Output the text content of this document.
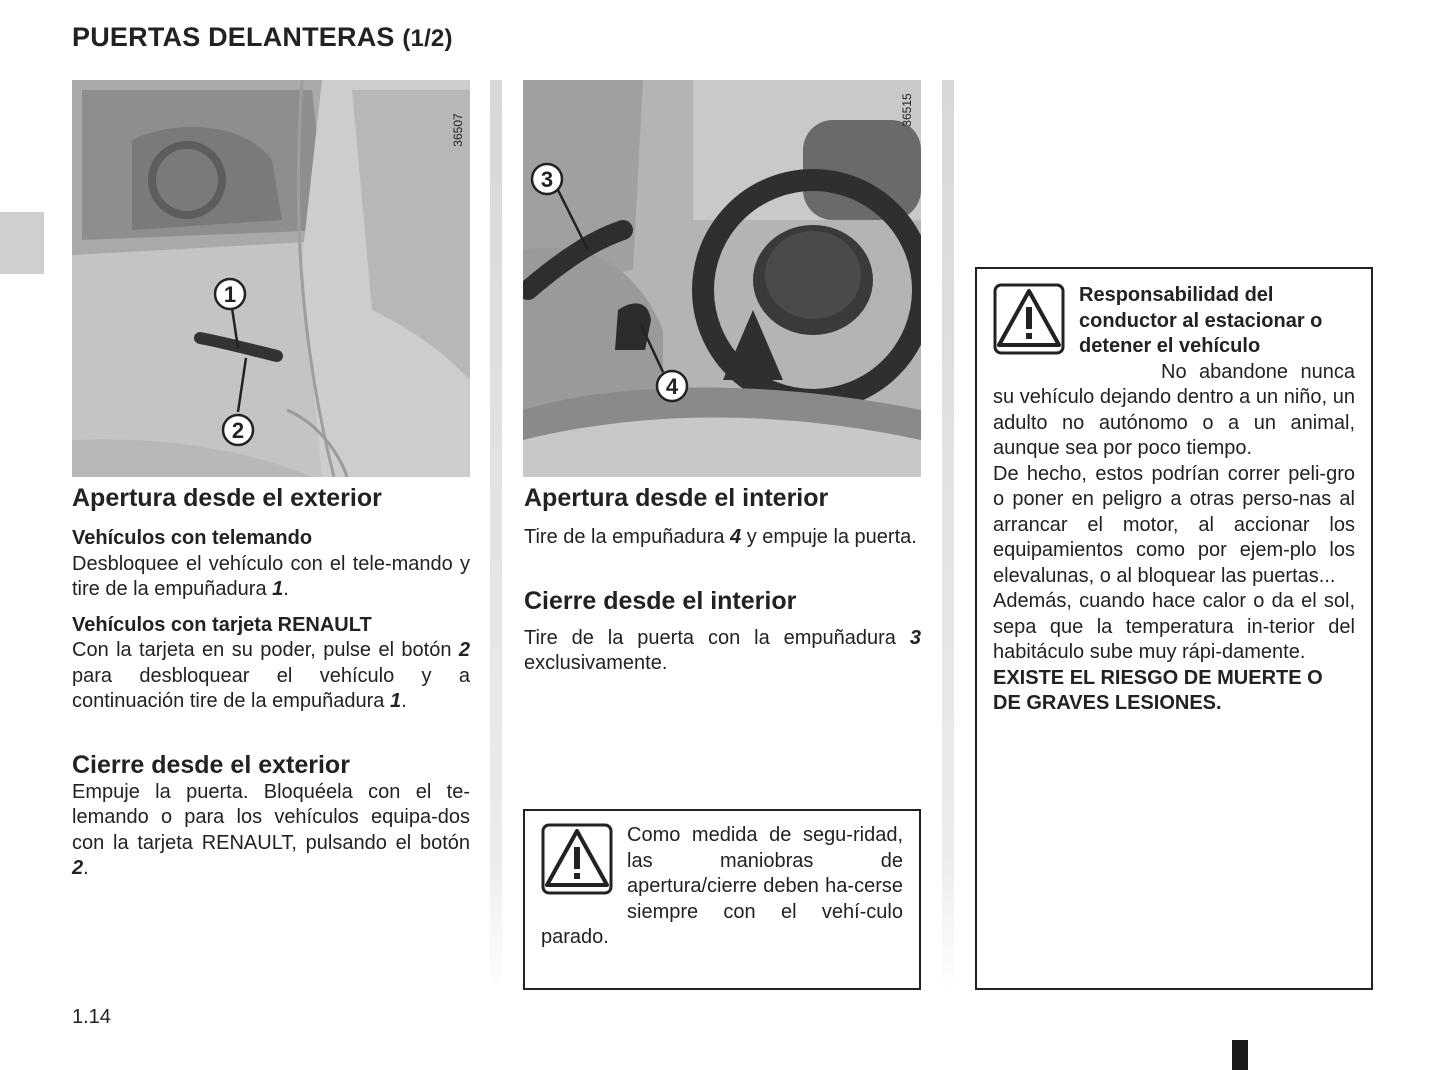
PUERTAS DELANTERAS (1/2)
1
2
36507
3
4
36515
Apertura desde el exterior
Vehículos con telemando

Desbloquee el vehículo con el tele-mando y tire de la empuñadura 1.

Vehículos con tarjeta RENAULT

Con la tarjeta en su poder, pulse el botón 2 para desbloquear el vehículo y a continuación tire de la empuñadura 1.

Cierre desde el exterior

Empuje la puerta. Bloquéela con el te-lemando o para los vehículos equipa-dos con la tarjeta RENAULT, pulsando el botón 2.

Apertura desde el interior

Tire de la empuñadura 4 y empuje la puerta.

Cierre desde el interior

Tire de la puerta con la empuñadura 3 exclusivamente.

Como medida de segu-ridad, las maniobras de apertura/cierre deben ha-cerse siempre con el vehí-culo parado.
Responsabilidad del conductor al estacionar o detener el vehículo
No abandone nunca su vehículo dejando dentro a un niño, un adulto no autónomo o a un animal, aunque sea por poco tiempo.
De hecho, estos podrían correr peli-gro o poner en peligro a otras perso-nas al arrancar el motor, al accionar los equipamientos como por ejem-plo los elevalunas, o al bloquear las puertas...
Además, cuando hace calor o da el sol, sepa que la temperatura in-terior del habitáculo sube muy rápi-damente.
EXISTE EL RIESGO DE MUERTE O DE GRAVES LESIONES.
1.14
